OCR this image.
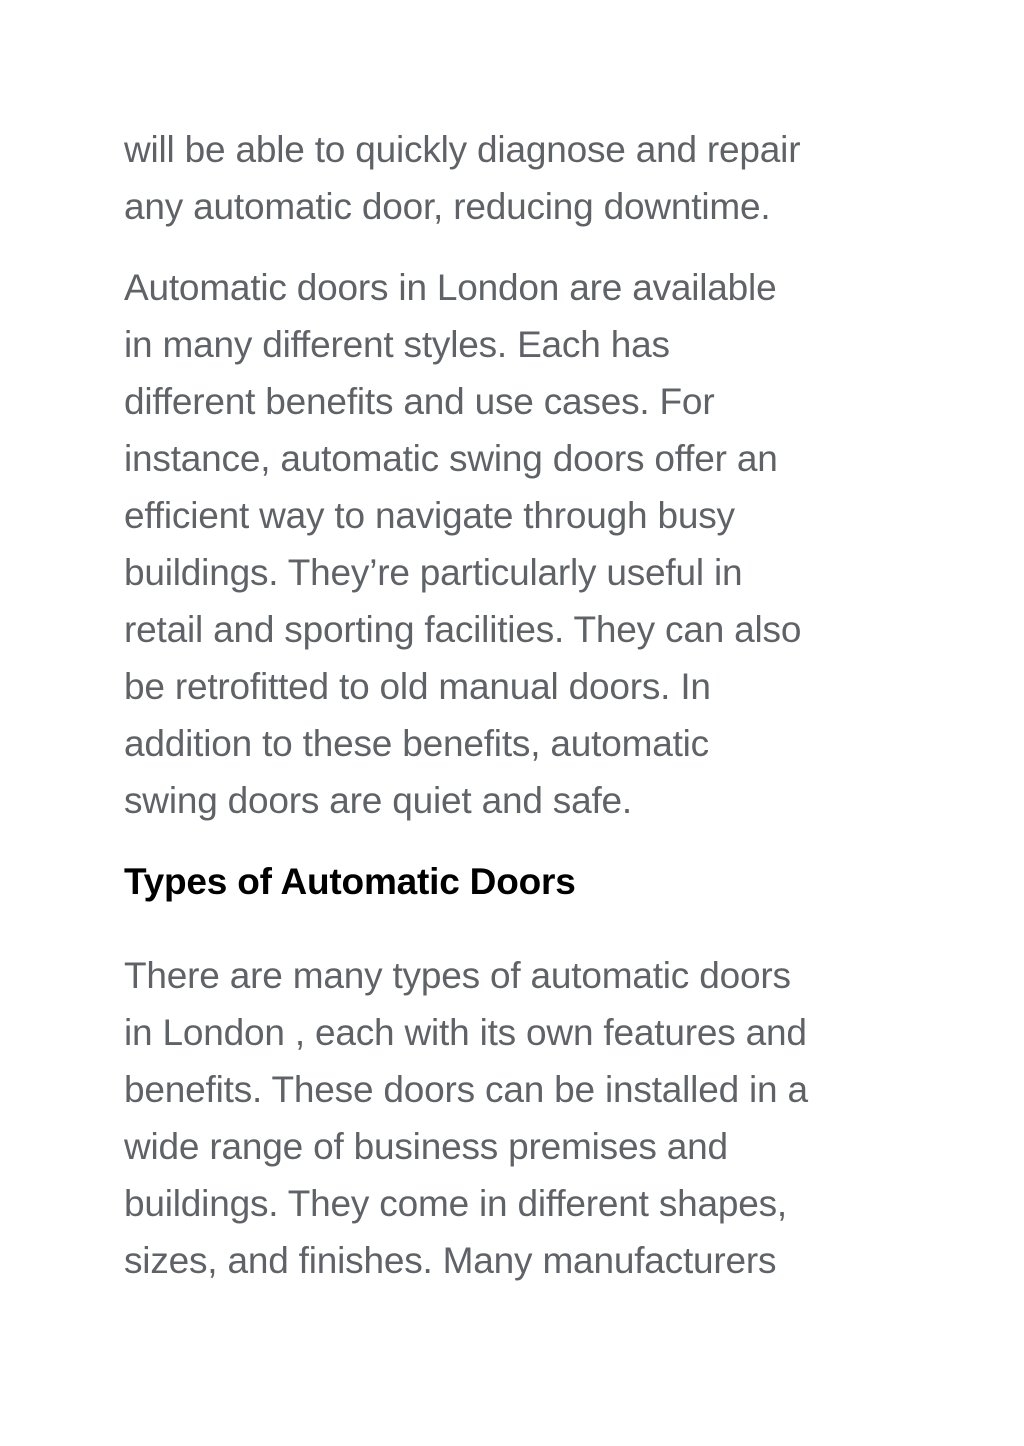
will be able to quickly diagnose and repair
any automatic door, reducing downtime.
Automatic doors in London are available
in many different styles. Each has
different benefits and use cases. For
instance, automatic swing doors offer an
efficient way to navigate through busy
buildings. They’re particularly useful in
retail and sporting facilities. They can also
be retrofitted to old manual doors. In
addition to these benefits, automatic
swing doors are quiet and safe.
Types of Automatic Doors
There are many types of automatic doors
in London , each with its own features and
benefits. These doors can be installed in a
wide range of business premises and
buildings. They come in different shapes,
sizes, and finishes. Many manufacturers
